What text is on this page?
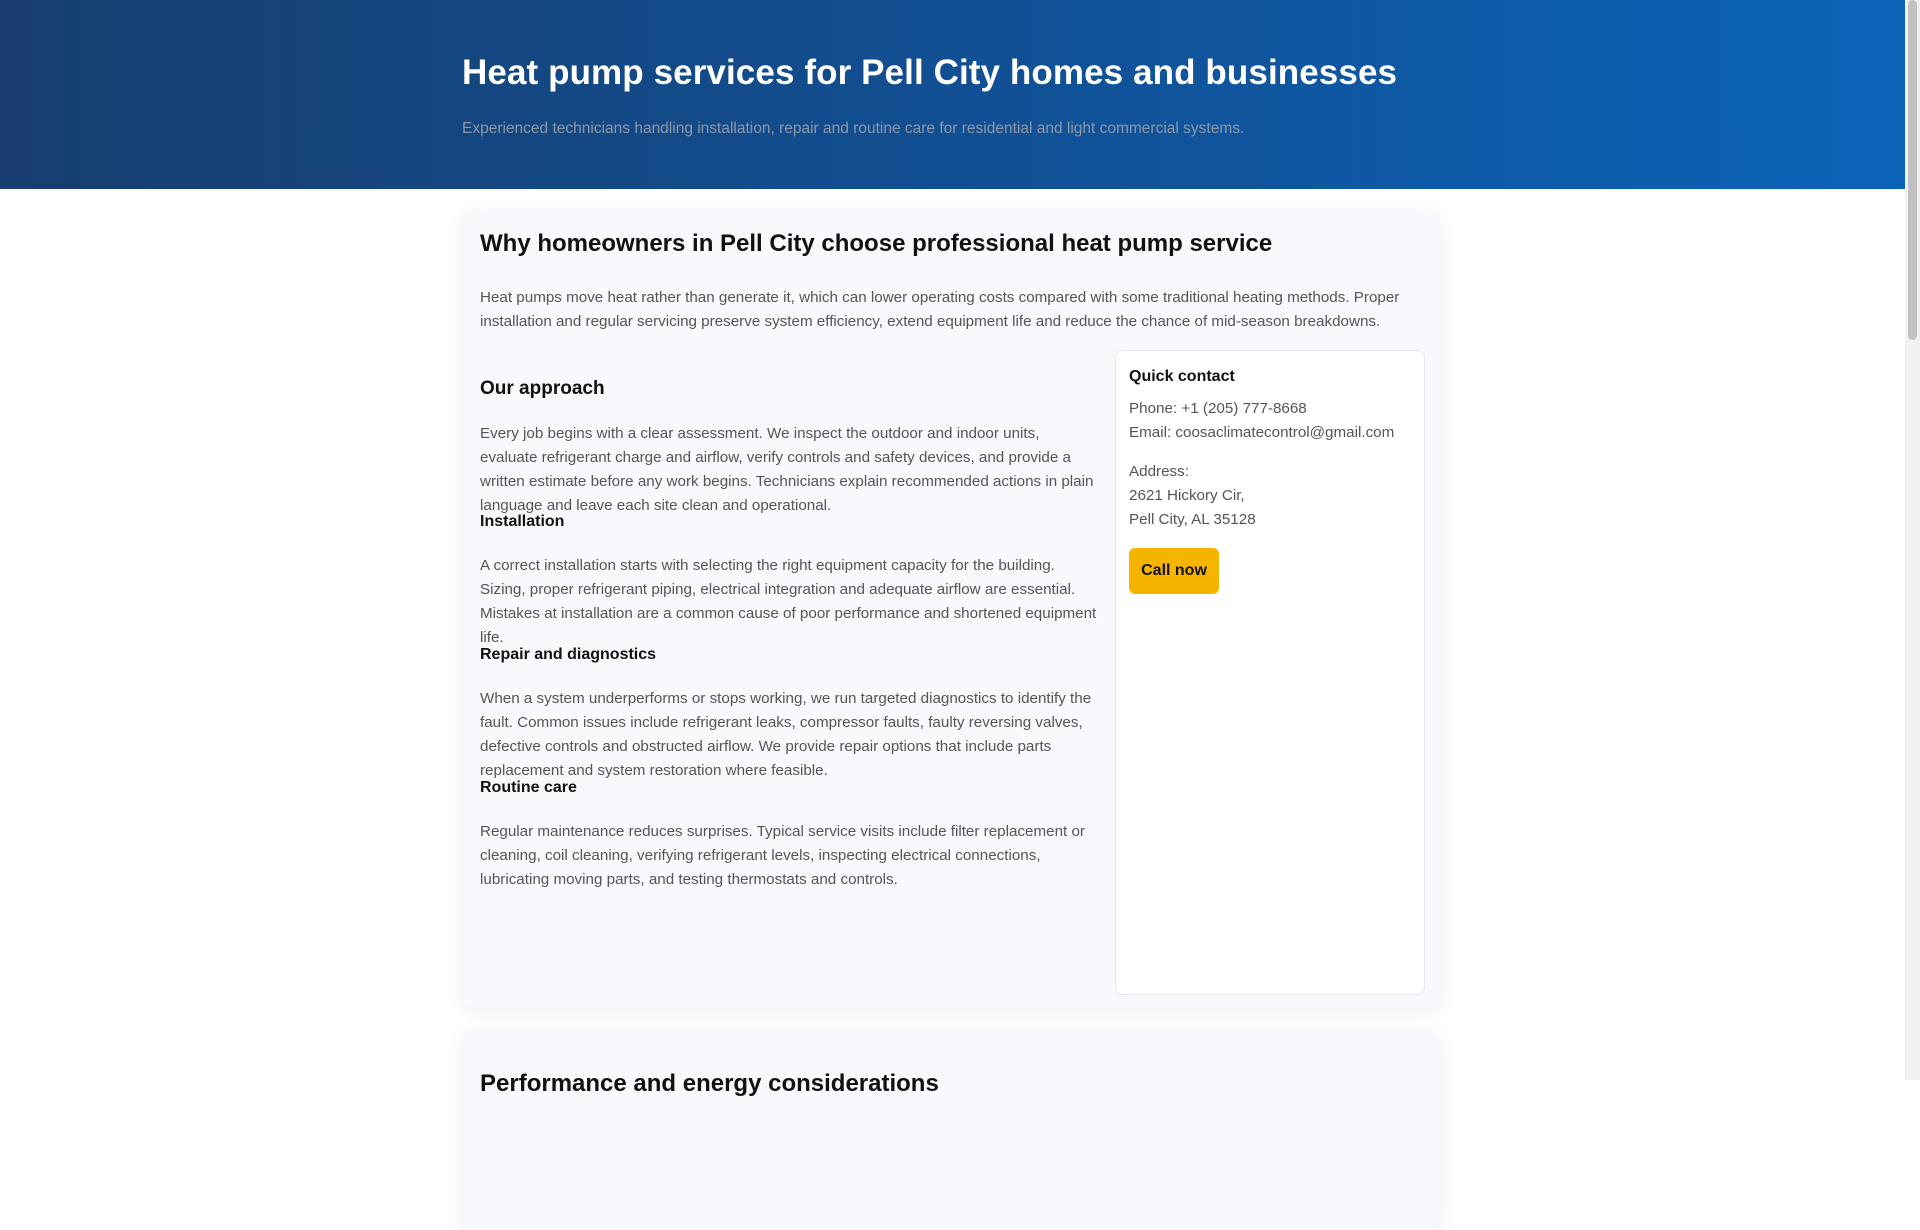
Heat pump services for Pell City homes and businesses

Experienced technicians handling installation, repair and routine care for residential and light commercial systems.

Why homeowners in Pell City choose professional heat pump service

Heat pumps move heat rather than generate it, which can lower operating costs compared with some traditional heating methods. Proper installation and regular servicing preserve system efficiency, extend equipment life and reduce the chance of mid-season breakdowns.

Our approach

Every job begins with a clear assessment. We inspect the outdoor and indoor units, evaluate refrigerant charge and airflow, verify controls and safety devices, and provide a written estimate before any work begins. Technicians explain recommended actions in plain language and leave each site clean and operational.

Installation

A correct installation starts with selecting the right equipment capacity for the building. Sizing, proper refrigerant piping, electrical integration and adequate airflow are essential. Mistakes at installation are a common cause of poor performance and shortened equipment life.

Repair and diagnostics

When a system underperforms or stops working, we run targeted diagnostics to identify the fault. Common issues include refrigerant leaks, compressor faults, faulty reversing valves, defective controls and obstructed airflow. We provide repair options that include parts replacement and system restoration where feasible.

Routine care

Regular maintenance reduces surprises. Typical service visits include filter replacement or cleaning, coil cleaning, verifying refrigerant levels, inspecting electrical connections, lubricating moving parts, and testing thermostats and controls.

Quick contact
Phone: +1 (205) 777-8668
Email: coosaclimatecontrol@gmail.com
Address:
2621 Hickory Cir,
Pell City, AL 35128
Call now
Performance and energy considerations
